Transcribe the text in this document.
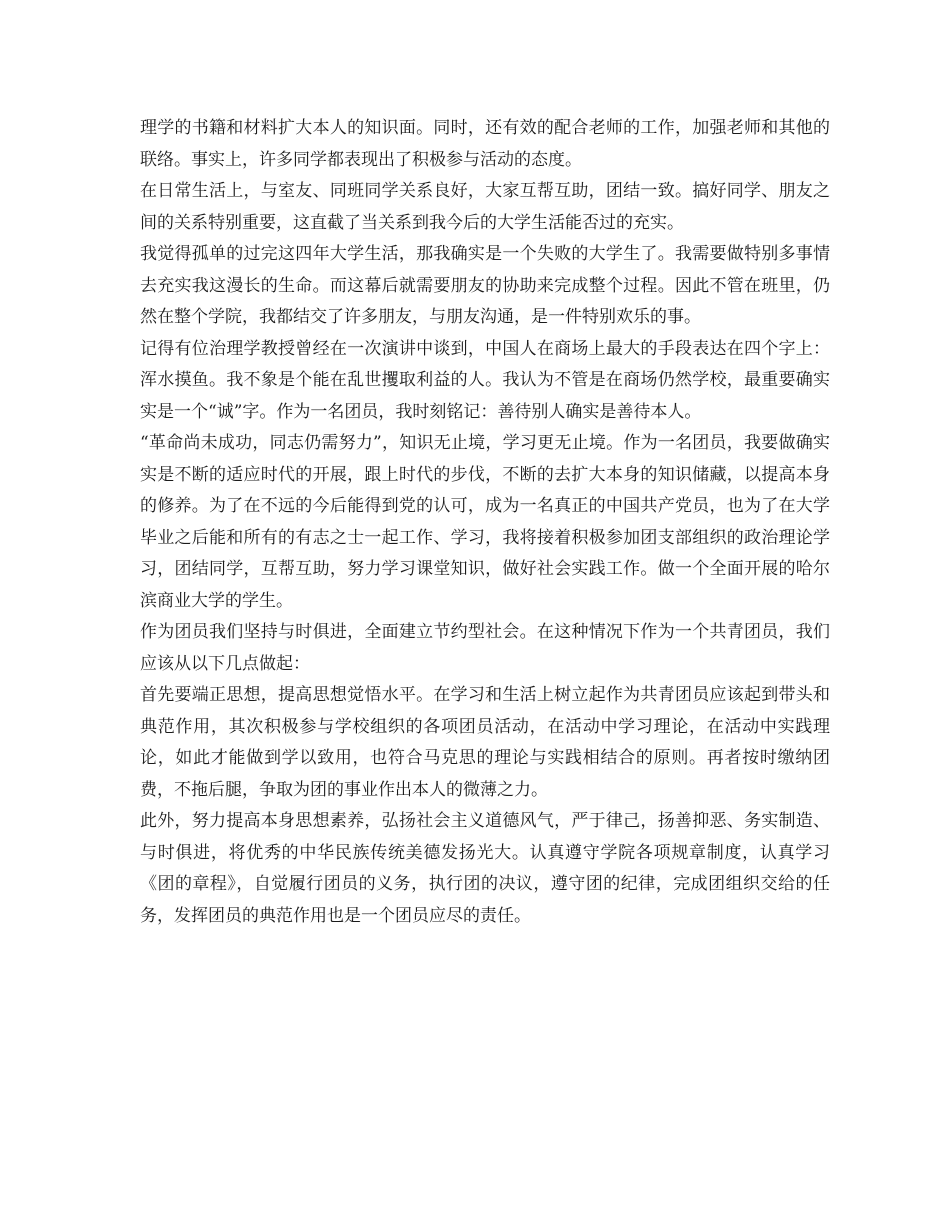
理学的书籍和材料扩大本人的知识面。同时，还有效的配合老师的工作，加强老师和其他的联络。事实上，许多同学都表现出了积极参与活动的态度。

在日常生活上，与室友、同班同学关系良好，大家互帮互助，团结一致。搞好同学、朋友之间的关系特别重要，这直截了当关系到我今后的大学生活能否过的充实。

我觉得孤单的过完这四年大学生活，那我确实是一个失败的大学生了。我需要做特别多事情去充实我这漫长的生命。而这幕后就需要朋友的协助来完成整个过程。因此不管在班里，仍然在整个学院，我都结交了许多朋友，与朋友沟通，是一件特别欢乐的事。

记得有位治理学教授曾经在一次演讲中谈到，中国人在商场上最大的手段表达在四个字上：浑水摸鱼。我不象是个能在乱世攫取利益的人。我认为不管是在商场仍然学校，最重要确实实是一个“诚”字。作为一名团员，我时刻铭记：善待别人确实是善待本人。

“革命尚未成功，同志仍需努力”，知识无止境，学习更无止境。作为一名团员，我要做确实实是不断的适应时代的开展，跟上时代的步伐，不断的去扩大本身的知识储藏，以提高本身的修养。为了在不远的今后能得到党的认可，成为一名真正的中国共产党员，也为了在大学毕业之后能和所有的有志之士一起工作、学习，我将接着积极参加团支部组织的政治理论学习，团结同学，互帮互助，努力学习课堂知识，做好社会实践工作。做一个全面开展的哈尔滨商业大学的学生。

作为团员我们坚持与时俱进，全面建立节约型社会。在这种情况下作为一个共青团员，我们应该从以下几点做起：

首先要端正思想，提高思想觉悟水平。在学习和生活上树立起作为共青团员应该起到带头和典范作用，其次积极参与学校组织的各项团员活动，在活动中学习理论，在活动中实践理论，如此才能做到学以致用，也符合马克思的理论与实践相结合的原则。再者按时缴纳团费，不拖后腿，争取为团的事业作出本人的微薄之力。

此外，努力提高本身思想素养，弘扬社会主义道德风气，严于律己，扬善抑恶、务实制造、与时俱进，将优秀的中华民族传统美德发扬光大。认真遵守学院各项规章制度，认真学习《团的章程》，自觉履行团员的义务，执行团的决议，遵守团的纪律，完成团组织交给的任务，发挥团员的典范作用也是一个团员应尽的责任。
